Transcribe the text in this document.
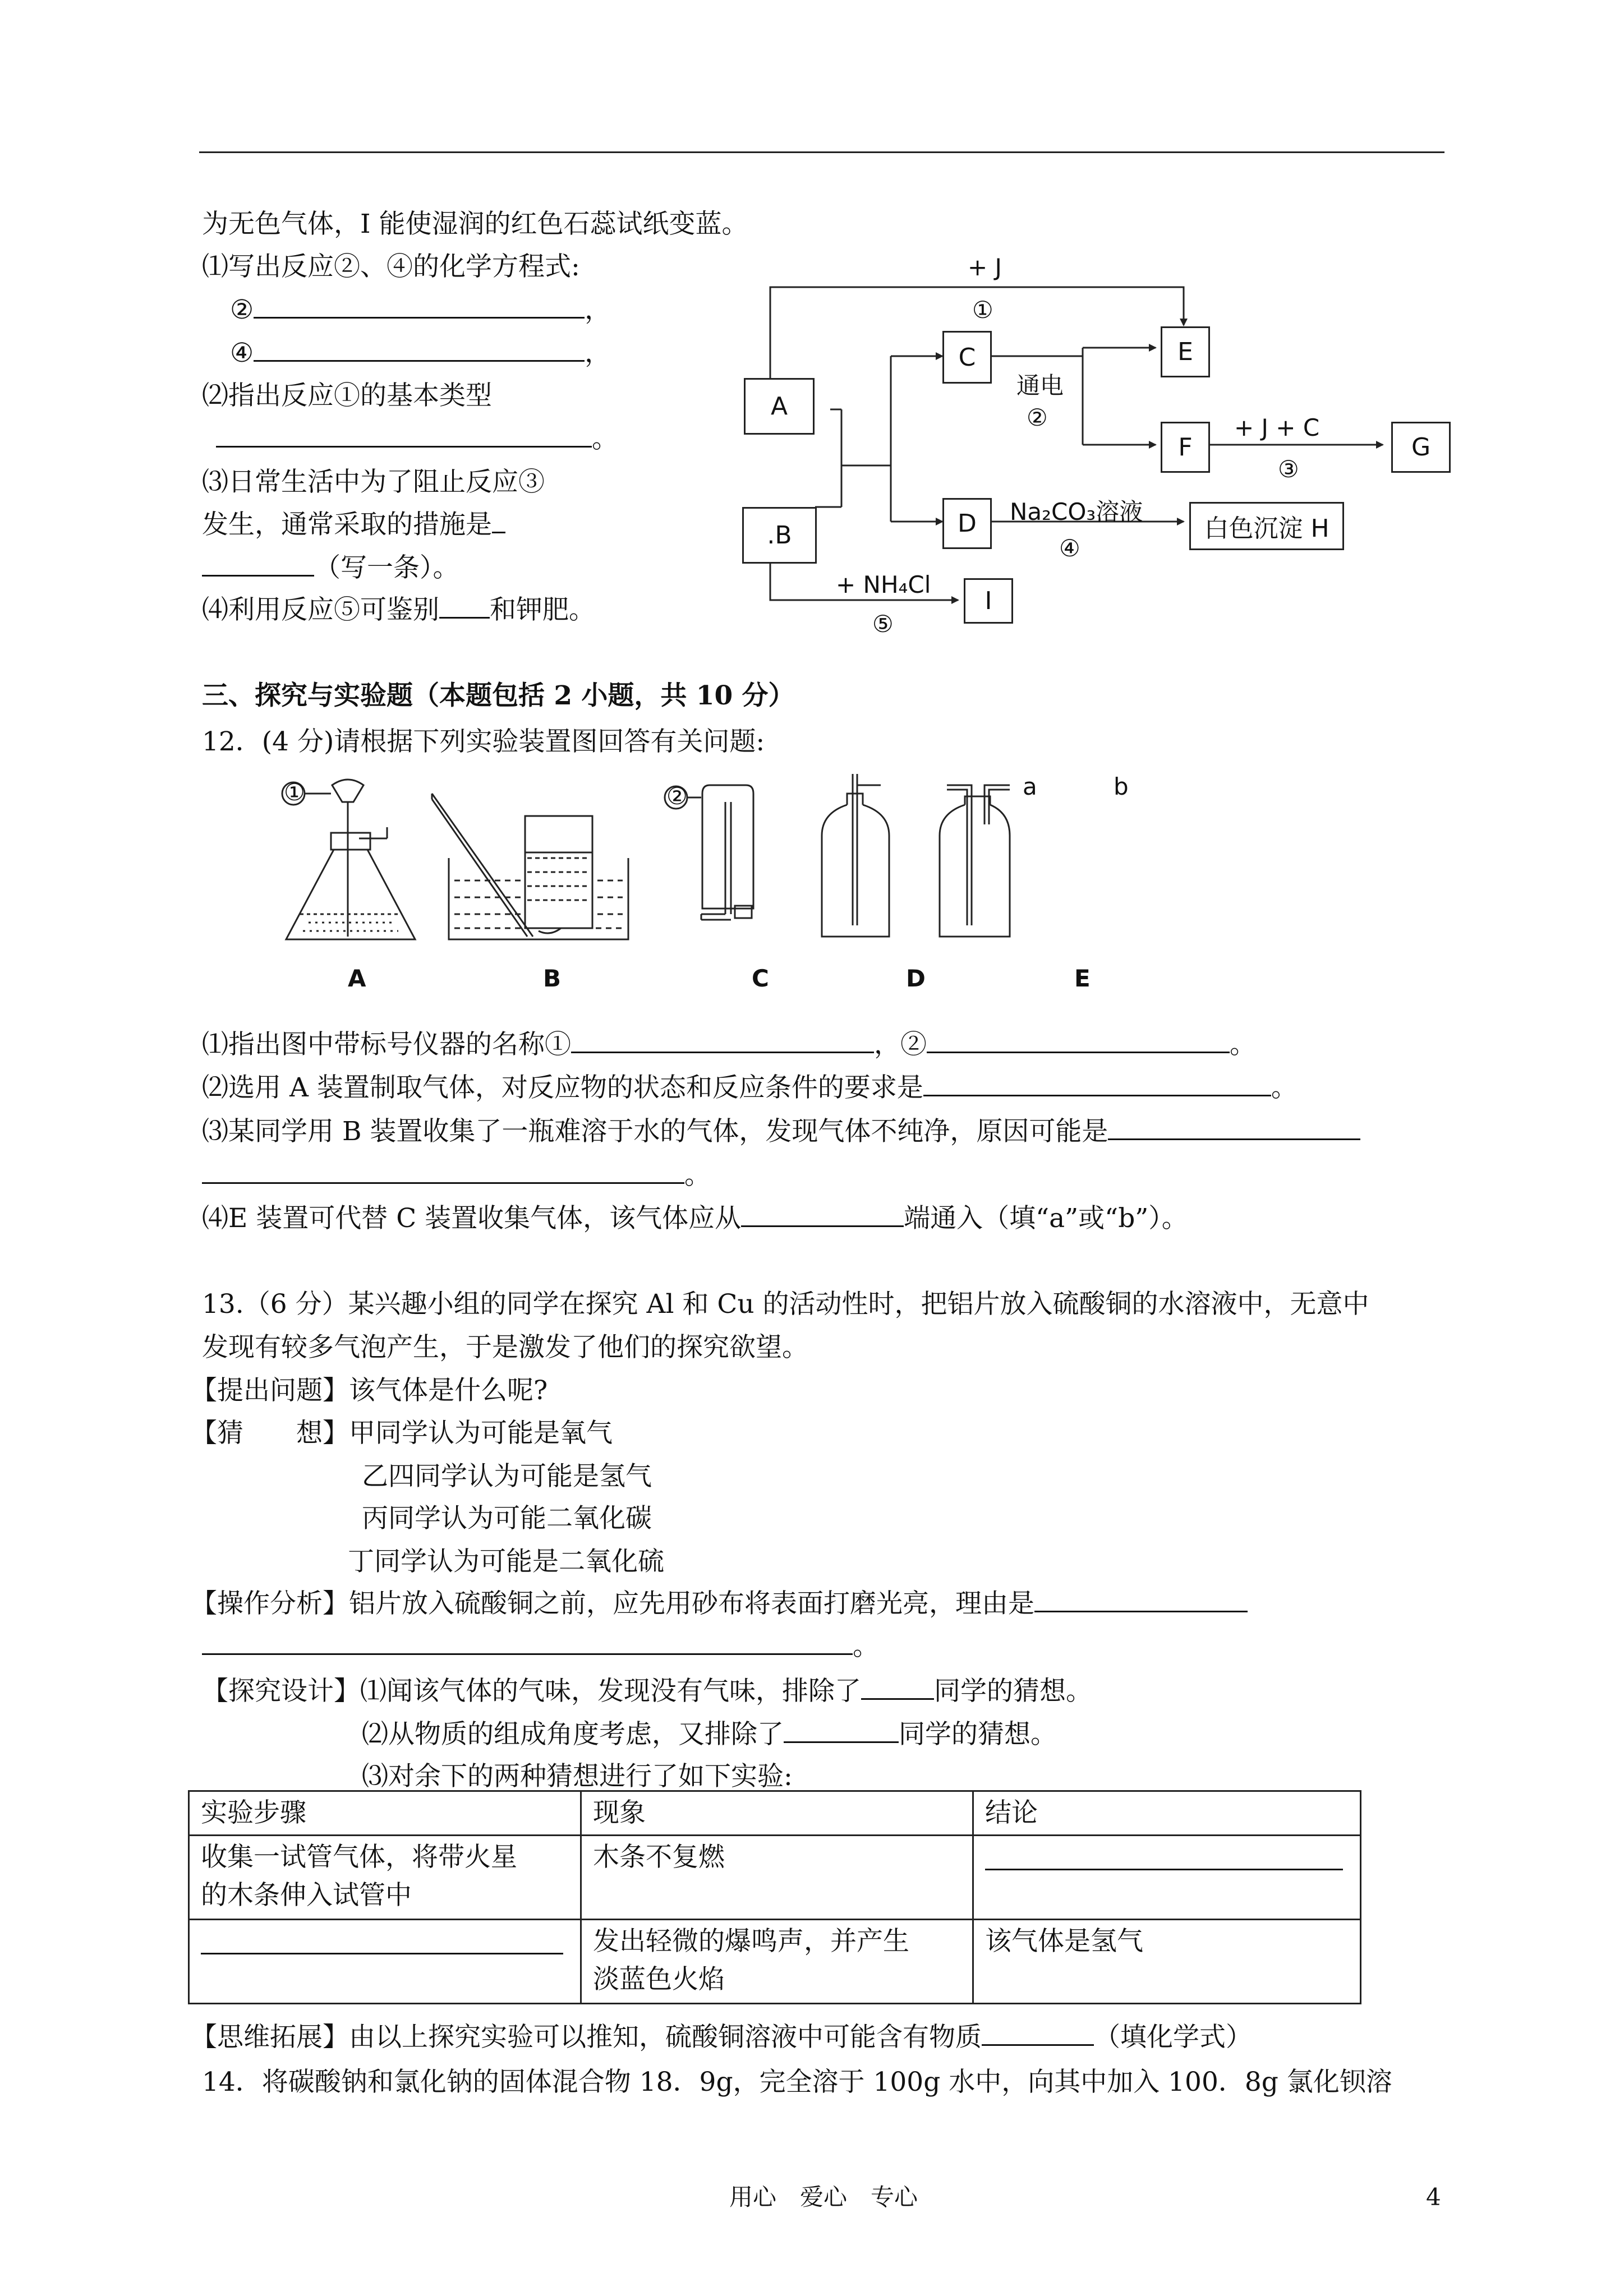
为无色气体，I 能使湿润的红色石蕊试纸变蓝。
⑴写出反应②、④的化学方程式:
②	，
④	，
⑵指出反应①的基本类型
。
⑶日常生活中为了阻止反应③
发生，通常采取的措施是
（写一条）。
⑷利用反应⑤可鉴别 和钾肥。
A
.B
C
D
E
F	G
白色沉淀 H
I
+ J
①
通电
②	+ J + C
③
Na₂CO₃溶液
④
+ NH₄Cl
⑤
三、探究与实验题（本题包括 2 小题，共 10 分）
12．(4 分)请根据下列实验装置图回答有关问题:
①	②	a	b
A	B	C	D	E
⑴指出图中带标号仪器的名称①	，②	。
⑵选用 A 装置制取气体，对反应物的状态和反应条件的要求是	。
⑶某同学用 B 装置收集了一瓶难溶于水的气体，发现气体不纯净，原因可能是
。
⑷E 装置可代替 C 装置收集气体，该气体应从	端通入（填“a”或“b”）。
13.（6 分）某兴趣小组的同学在探究 Al 和 Cu 的活动性时，把铝片放入硫酸铜的水溶液中，无意中
发现有较多气泡产生，于是激发了他们的探究欲望。
【提出问题】该气体是什么呢?
【猜　　想】甲同学认为可能是氧气
乙四同学认为可能是氢气
丙同学认为可能二氧化碳
丁同学认为可能是二氧化硫
【操作分析】铝片放入硫酸铜之前，应先用砂布将表面打磨光亮，理由是
。
【探究设计】⑴闻该气体的气味，发现没有气味，排除了	同学的猜想。
⑵从物质的组成角度考虑，又排除了	同学的猜想。
⑶对余下的两种猜想进行了如下实验:
实验步骤	现象	结论

收集一试管气体，将带火星
的木条伸入试管中	木条不复燃	

	发出轻微的爆鸣声，并产生
淡蓝色火焰	该气体是氢气
【思维拓展】由以上探究实验可以推知，硫酸铜溶液中可能含有物质	（填化学式）
14．将碳酸钠和氯化钠的固体混合物 18．9g，完全溶于 100g 水中，向其中加入 100．8g 氯化钡溶
用心　爱心　专心	4
